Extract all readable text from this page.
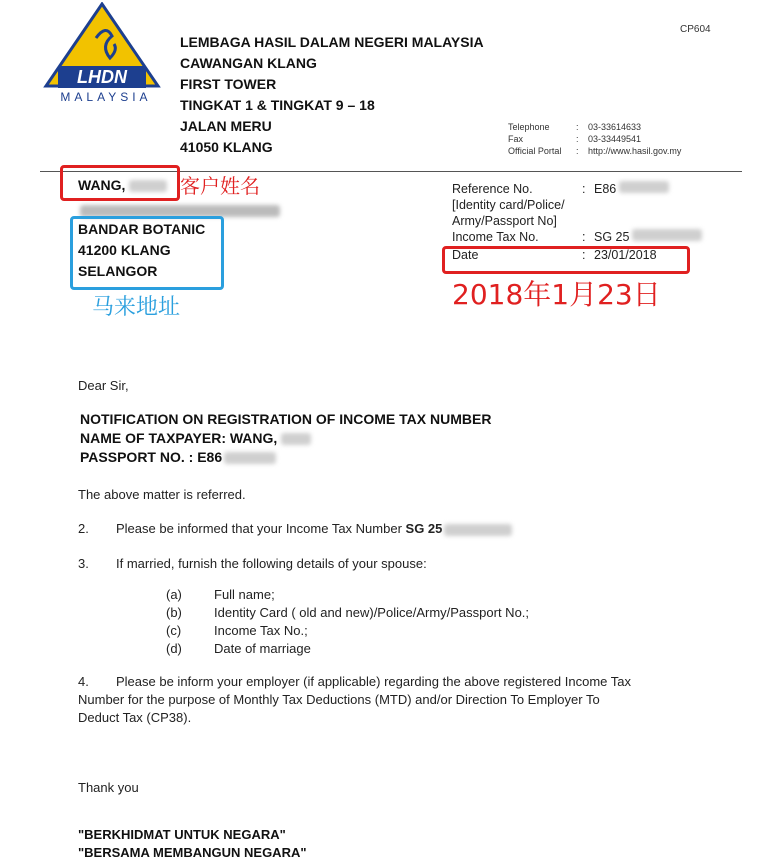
LHDN
MALAYSIA
LEMBAGA HASIL DALAM NEGERI MALAYSIA
CAWANGAN KLANG
FIRST TOWER
TINGKAT 1 & TINGKAT 9 – 18
JALAN MERU
41050 KLANG
CP604
Telephone	:	03-33614633
Fax	:	03-33449541
Official Portal	:	http://www.hasil.gov.my
WANG,	客户姓名
BANDAR BOTANIC
41200 KLANG
SELANGOR
马来地址
Reference No.	: E86
[Identity card/Police/
Army/Passport No]
Income Tax No.	: SG 25
Date	: 23/01/2018
2018年1月23日
Dear Sir,
NOTIFICATION ON REGISTRATION OF INCOME TAX NUMBER
NAME OF TAXPAYER: WANG,
PASSPORT NO. : E86
The above matter is referred.
2. Please be informed that your Income Tax Number SG 25
3. If married, furnish the following details of your spouse:
(a)	Full name;
(b)	Identity Card ( old and new)/Police/Army/Passport No.;
(c)	Income Tax No.;
(d)	Date of marriage
4. Please be inform your employer (if applicable) regarding the above registered Income Tax
Number for the purpose of Monthly Tax Deductions (MTD) and/or Direction To Employer To
Deduct Tax (CP38).
Thank you
"BERKHIDMAT UNTUK NEGARA"
"BERSAMA MEMBANGUN NEGARA"
